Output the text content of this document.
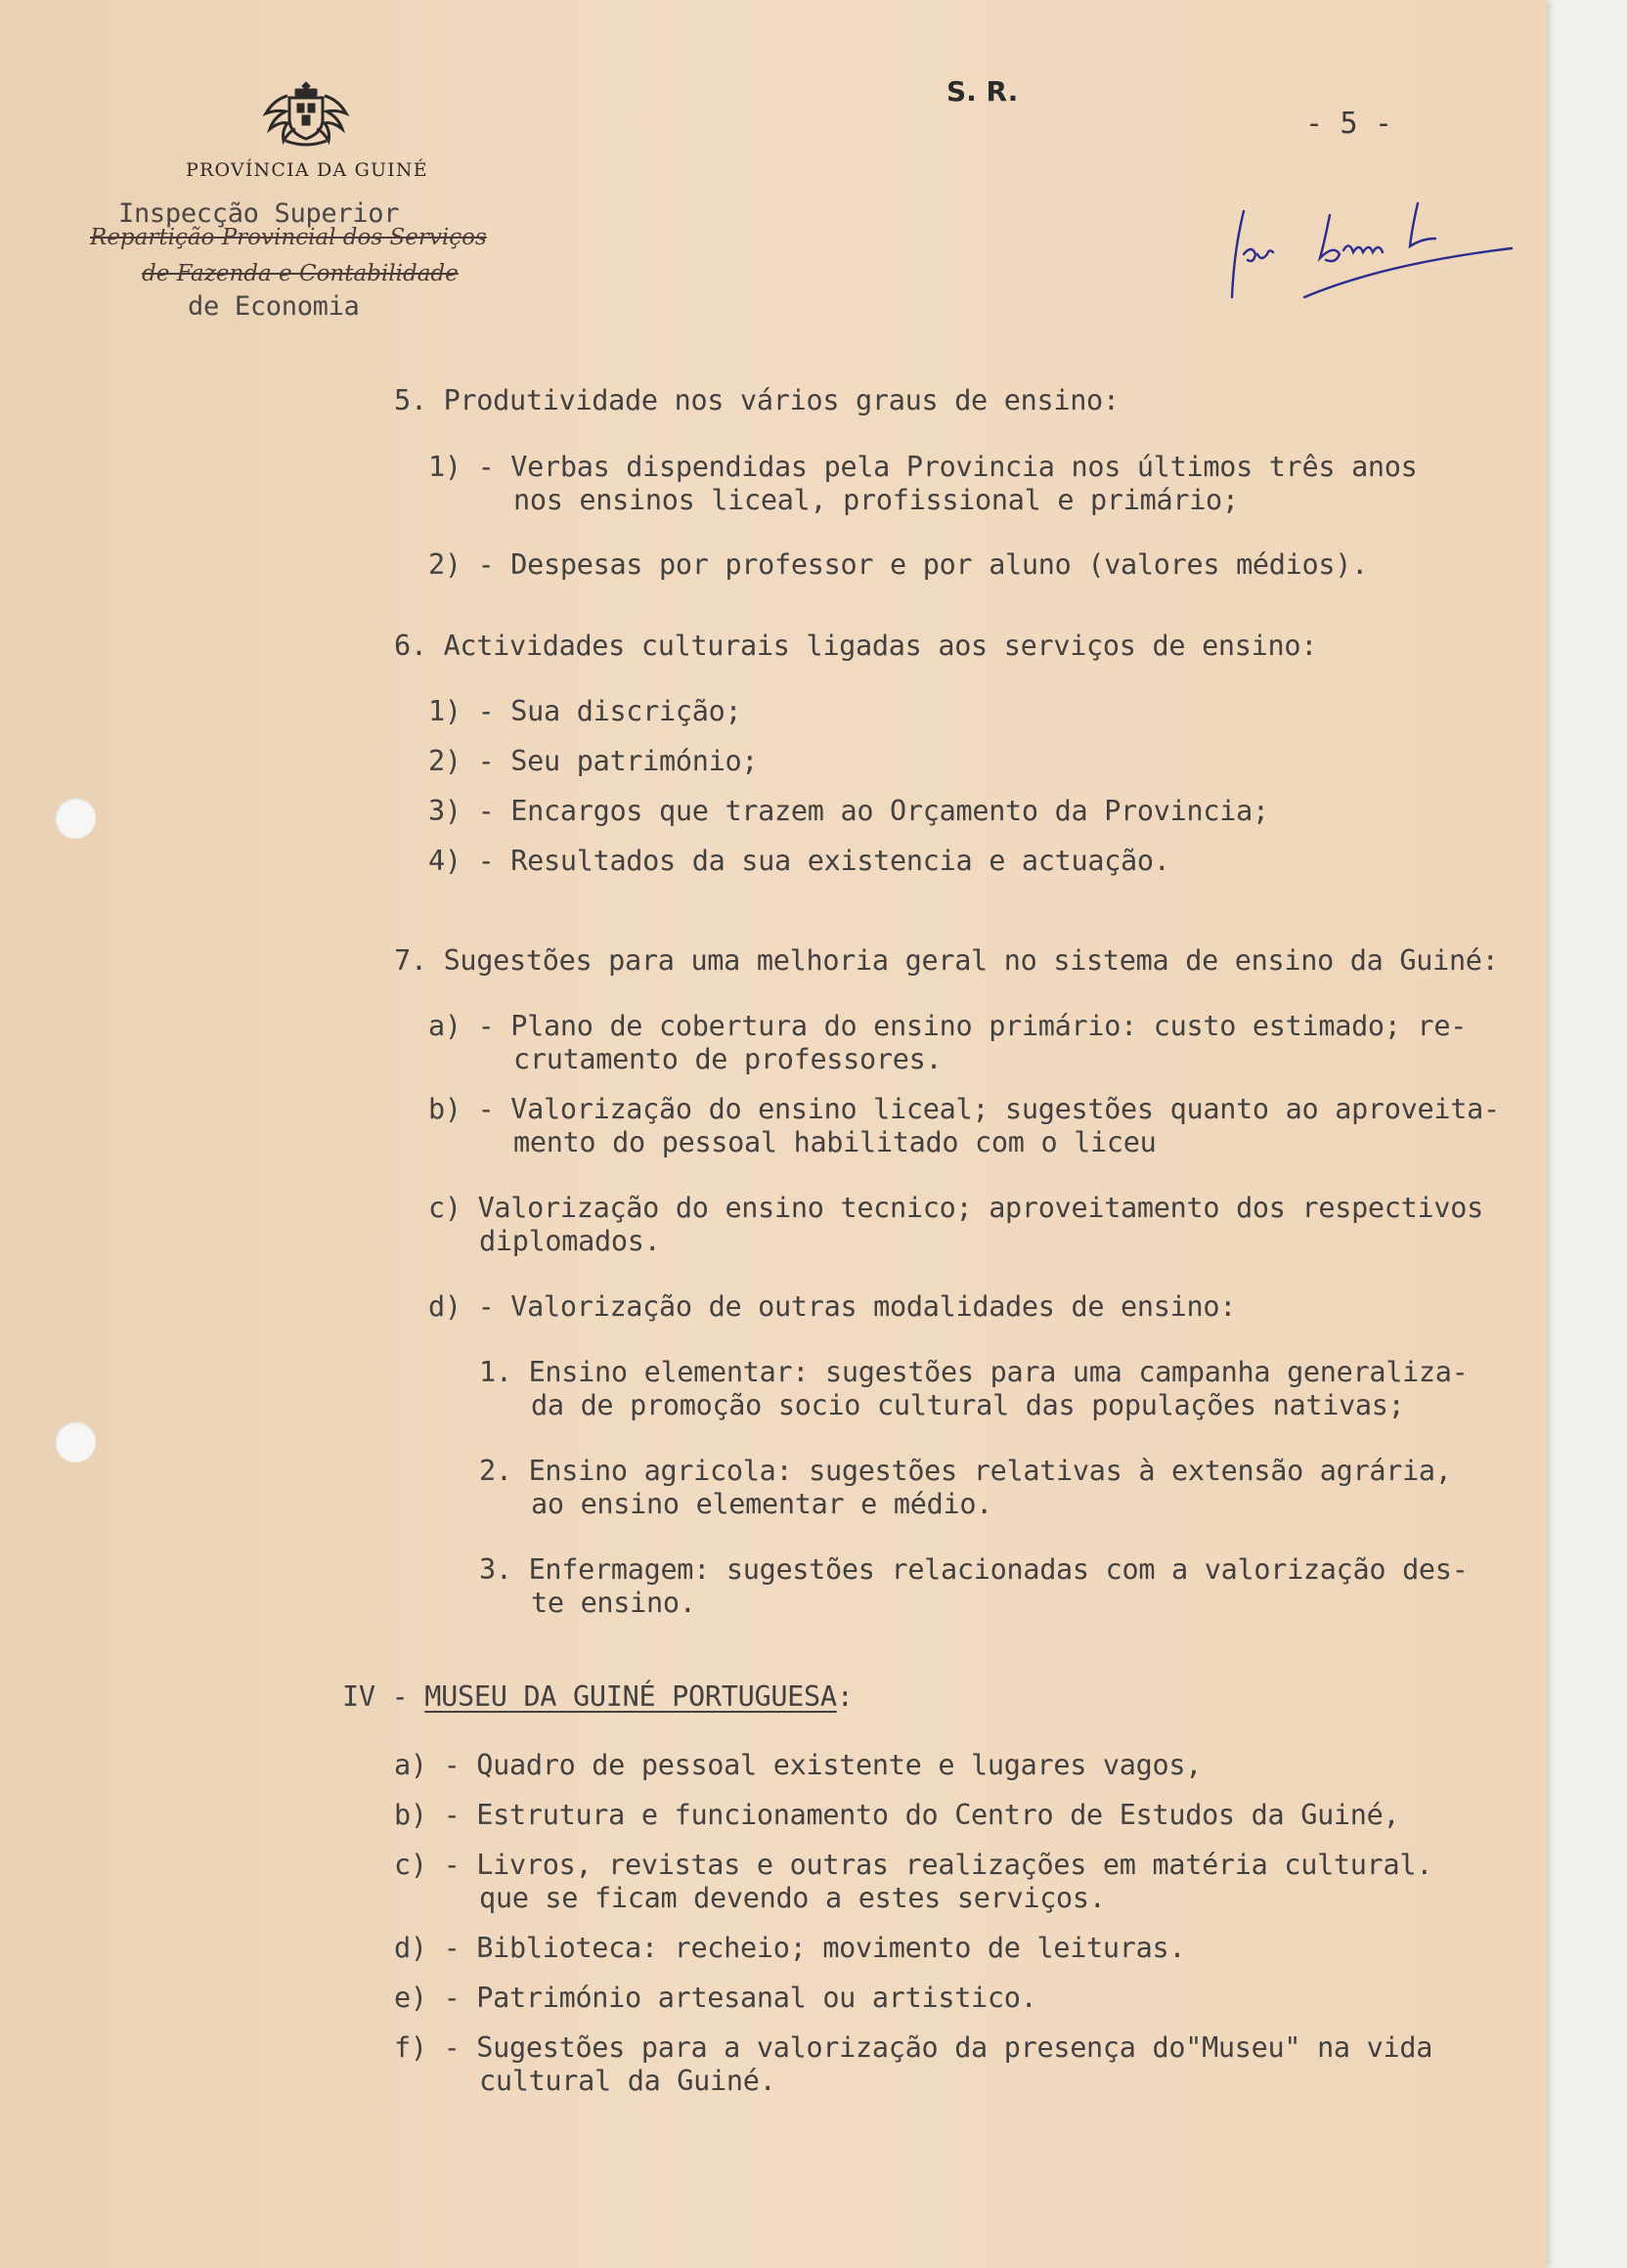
PROVÍNCIA DA GUINÉ
Inspecção Superior
Repartição Provincial dos Serviços
de Fazenda e Contabilidade
de Economia
S. R.
- 5 -
5. Produtividade nos vários graus de ensino:
1) - Verbas dispendidas pela Provincia nos últimos três anos
nos ensinos liceal, profissional e primário;
2) - Despesas por professor e por aluno (valores médios).
6. Actividades culturais ligadas aos serviços de ensino:
1) - Sua discrição;
2) - Seu património;
3) - Encargos que trazem ao Orçamento da Provincia;
4) - Resultados da sua existencia e actuação.
7. Sugestões para uma melhoria geral no sistema de ensino da Guiné:
a) - Plano de cobertura do ensino primário: custo estimado; re-
crutamento de professores.
b) - Valorização do ensino liceal; sugestões quanto ao aproveita-
mento do pessoal habilitado com o liceu
c) Valorização do ensino tecnico; aproveitamento dos respectivos
diplomados.
d) - Valorização de outras modalidades de ensino:
1. Ensino elementar: sugestões para uma campanha generaliza-
da de promoção socio cultural das populações nativas;
2. Ensino agricola: sugestões relativas à extensão agrária,
ao ensino elementar e médio.
3. Enfermagem: sugestões relacionadas com a valorização des-
te ensino.
IV - MUSEU DA GUINÉ PORTUGUESA:
a) - Quadro de pessoal existente e lugares vagos,
b) - Estrutura e funcionamento do Centro de Estudos da Guiné,
c) - Livros, revistas e outras realizações em matéria cultural.
que se ficam devendo a estes serviços.
d) - Biblioteca: recheio; movimento de leituras.
e) - Património artesanal ou artistico.
f) - Sugestões para a valorização da presença do"Museu" na vida
cultural da Guiné.
